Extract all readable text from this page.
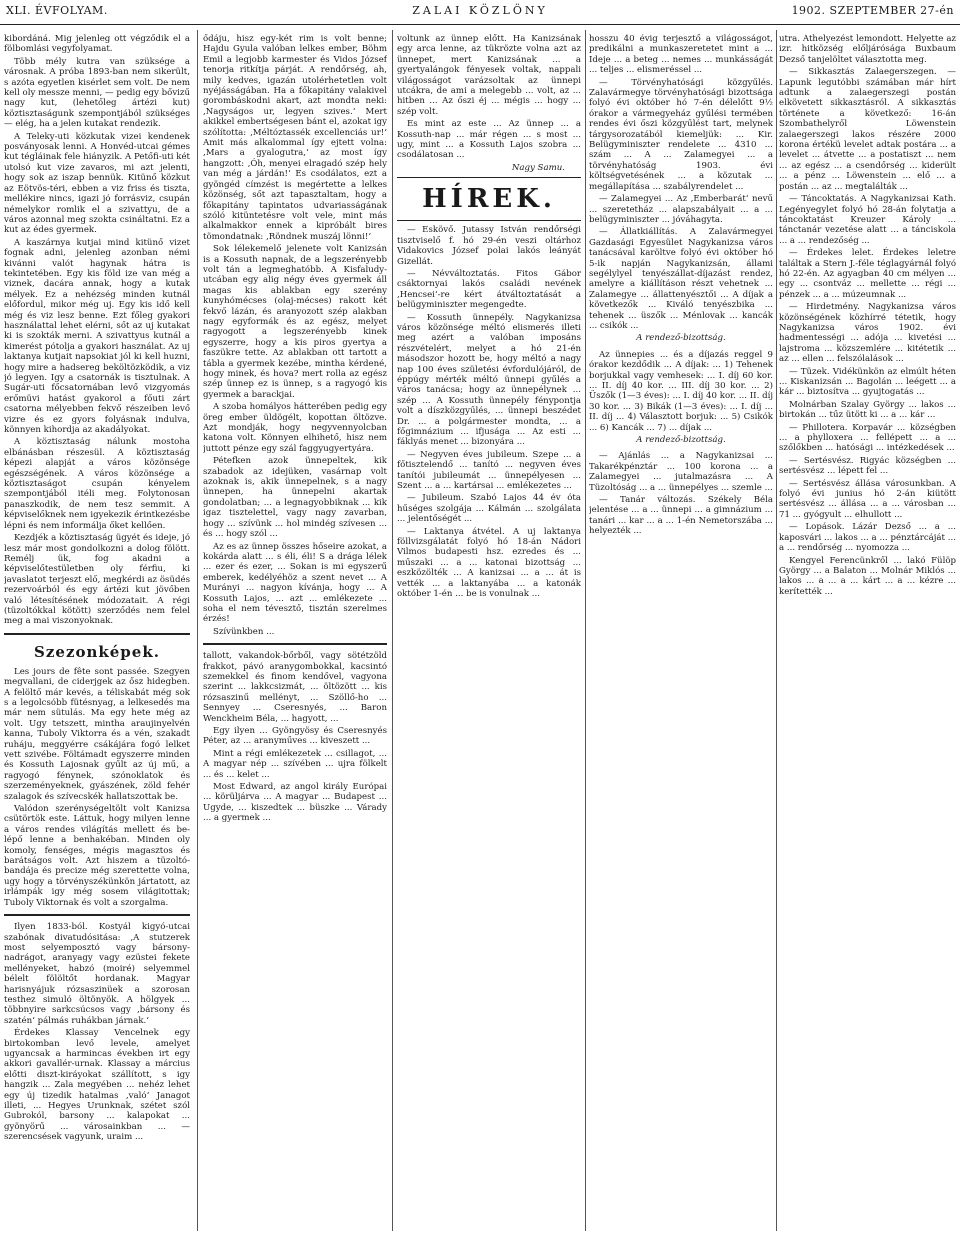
XLI. ÉVFOLYAM.	ZALAI KÖZLÖNY	1902. SZEPTEMBER 27-én

kibordáná. Mig jelenleg ott végződik el a fölbomlási vegyfolyamat.

Több mély kutra van szüksége a városnak. A próba 1893-ban nem sikerült, s azóta egyetlen kisérlet sem volt. De nem kell oly messze menni, — pedig egy bővizű nagy kut, (lehetőleg ártézi kut) köztisztaságunk szempontjából szükséges — elég, ha a jelen kutakat rendezik.

A Teleky-uti közkutak vizei kendenek posványosak lenni. A Honvéd-utcai gémes kut tégláinak fele hiányzik. A Petőfi-uti két utolsó kut vize zavaros, mi azt jelenti, hogy sok az iszap bennük. Kitünő közkut az Eötvös-téri, ebben a viz friss és tiszta, mellékire nincs, igazi jó forrásviz, csupán némelykor romlik el a szivattyu, de a város azonnal meg szokta csináltatni. Ez a kut az édes gyermek.

A kaszárnya kutjai mind kitünő vizet fognak adni, jelenleg azonban némi kivánni valót hagynak hátra is tekintetében. Egy kis föld ize van még a viznek, dacára annak, hogy a kutak mélyek. Ez a nehézség minden kutnál előfordul, mikor még uj. Egy kis idő kell még és viz lesz benne. Ezt főleg gyakori használattal lehet elérni, sőt az uj kutakat ki is szokták merni. A szivattyus kutnál a kimerést pótolja a gyakori használat. Az uj laktanya kutjait napsokiat jól ki kell huzni, hogy mire a hadsereg beköltözködik, a viz jó legyen. Igy a csatornák is tisztulnak. A Sugár-uti főcsatornában levő vizgyomás erőmüvi hatást gyakorol a főuti zárt csatorna mélyebben fekvő részeiben levő vizre és ez gyors folyásnak indulva, könnyen kihordja az akadályokat.

A köztisztaság nálunk mostoha elbánásban részesül. A köztisztaság képezi alapját a város közönsége egészségének. A város közönsége a köztisztaságot csupán kényelem szempontjából itéli meg. Folytonosan panaszkodik, de nem tesz semmit. A képviselőknek nem igyekezik érintkezésbe lépni és nem informálja őket kellően.

Kezdjék a köztisztaság ügyét és ideje, jó lesz már most gondolkozni a dolog fölött. Remélj ük, fog akadni a képviselőtestületben oly férfiu, ki javaslatot terjeszt elő, megkérdi az ösüdés rezervoárból és egy ártézi kut jövőben való létesítésének módozatait. A régi (tüzoltókkal kötött) szerződés nem felel meg a mai viszonyoknak.

Szezonképek.

Les jours de fête sont passée. Szegyen megvallani, de ciderjgek az ősz hidegben. A felöltő már kevés, a téliskabát még sok s a legolcsóbb fütésnyag, a lelkesedés ma már nem sütulás. Ma egy hete még az volt. Ugy tetszett, mintha araujinyelvén kanna, Tuboly Viktorra és a vén, szakadt ruháju, meggyérre csákájára fogó lelket vett szivébe. Föltámadt egyszerre minden és Kossuth Lajosnak gyűlt az új mű, a ragyogó fénynek, szónoklatok és szerzeményeknek, gyászének, zöld fehér szalagok és szívecskék hallatszottak be.

Valódon szerénységeltölt volt Kanizsa csütörtök este. Láttuk, hogy milyen lenne a város rendes világítás mellett és be- lépő lenne a benhakéban. Minden oly komoly, fenséges, mégis magasztos és barátságos volt. Azt hiszem a tüzoltó- bandája és precize még szerettette volna, ugy hogy a törvényszékünkön jártatott, az irlámpák igy még sosem világitottak; Tuboly Viktornak és volt a szorgalma.

Ilyen 1833-ból. Kostyál kigyó-utcai szabónak divatudósitása: ‚A stutzerek most selyemposztó vagy bársony-nadrágot, aranyagy vagy ezüstei fekete mellényeket, habzó (moiré) selyemmel bélelt fölöltőt hordanak. Magyar harisnyájuk rózsaszinüek a szorosan testhez simuló öltönyök. A hölgyek ... többnyire sarkcsúcsos vagy ‚bársony és szatén‘ pálmás ruhákban járnak.‘

Érdekes Klassay Vencelnek egy birtokomban levő levele, amelyet ugyancsak a harmincas években irt egy akkori gavallér-urnak. Klassay a március előtti diszt-kiráyokat szállított, s igy hangzik ... Zala megyében ... nehéz lehet egy új tizedik hatalmas ‚való‘ Janagot illeti, ... Hegyes Urunknak, szétet szól Gubrokól, barsony ... kalapokat ... gyönyörű ... városainkban ... — szerencsések vagyunk, uraim ...

ődáju, hisz egy-két rim is volt benne; Hajdu Gyula valóban lelkes ember, Böhm Emil a legjobb karmester és Vidos József tenorja ritkítja párját. A rendőrség, ah, mily kedves, igazán utolérhetetlen volt nyéjásságában. Ha a főkapitány valakivel gorombáskodni akart, azt mondta neki: ‚Nagyságos ur, legyen szives.‘ Mert akikkel embertségesen bánt el, azokat igy szólította: ‚Méltóztassék excellenciás ur!‘ Amit más alkalommal így ejtett volna: ‚Mars a gyalogutra,‘ az most így hangzott: ‚Óh, menyei elragadó szép hely van még a járdán!‘ Es csodálatos, ezt a gyöngéd címzést is megértette a lelkes közönség, sőt azt tapasztaltam, hogy a főkapitány tapintatos udvariasságának szóló kitüntetésre volt vele, mint más alkalmakkor ennek a kipróbált bires tömondatnak: ‚Röndnek muszáj lönni!‘

Sok lélekemelő jelenete volt Kanizsán is a Kossuth napnak, de a legszerényebb volt tán a legmeghatóbb. A Kisfaludy-utcában egy alig négy éves gyermek áll magas kis ablakban egy szerény kunyhómécses (olaj-mécses) rakott két fekvő lázán, és aranyozott szép alakban nagy egyformák és az egész, melyet ragyogott a legszerényebb kinek egyszerre, hogy a kis piros gyertya a faszükre tette. Az ablakban ott tartott a tábla a gyermek kezébe, mintha kérdené, hogy minek, és hova? mert rolla az egész szép ünnep ez is ünnep, s a ragyogó kis gyermek a barackjai.

A szoba homályos hátterében pedig egy öreg ember üldögélt, kopottan öltözve. Azt mondják, hogy negyvennyolcban katona volt. Könnyen elhihető, hisz nem juttott pénze egy szál faggyugyertyára.

Pétefken azok ünnepeltek, kik szabadok az idejüken, vasárnap volt azoknak is, akik ünnepelnek, s a nagy ünnepen, ha ünnepelni akartak gondolatban; ... a legnagyobbiknak ... kik igaz tisztelettel, vagy nagy zavarban, hogy ... szívünk ... hol mindég szívesen ... és ... hogy szól ...

Az es az ünnep összes hőseire azokat, a kokárda alatt ... s éli, éli! S a drága lélek ... ezer és ezer, ... Sokan is mi egyszerű emberek, kedélyéhöz a szent nevet ... A Murányi ... nagyon kívánja, hogy ... A Kossuth Lajos, ... azt ... emlékezete ... soha el nem tévesztő, tisztán szerelmes érzés!

Szívünkben ...

tallott, vakandok-bőrből, vagy sötétzöld frakkot, pávó aranygombokkal, kacsintó szemekkel és finom kendővel, vagyona szerint ... lakkcsizmát, ... öltözött ... kis rózsaszinű mellényt, ... Szöllő-ho ... Sennyey ... Cseresnyés, ... Baron Wenckheim Béla, ... hagyott, ...

Egy ilyen ... Gyöngyösy és Cseresnyés Péter, az ... aranyműves ... kiveszett ...

Mint a régi emlékezetek ... csillagot, ... A magyar nép ... szívében ... ujra fölkelt ... és ... kelet ...

Most Edward, az angol király Európai ... körüljárva ... A magyar ... Budapest ... Ugyde, ... kiszedtek ... büszke ... Várady ... a gyermek ...

voltunk az ünnep előtt. Ha Kanizsának egy arca lenne, az tükrözte volna azt az ünnepet, mert Kanizsának ... a gyertyalángok fényesek voltak, nappali világosságot varázsoltak az ünnepi utcákra, de ami a melegebb ... volt, az ... hitben ... Az őszi éj ... mégis ... hogy ... szép volt.

Es mint az este ... Az ünnep ... a Kossuth-nap ... már régen ... s most ... ugy, mint ... a Kossuth Lajos szobra ... csodálatosan ...

Nagy Samu.
HÍREK.

— Eskövő. Jutassy István rendőrségi tisztviselő f. hó 29-én veszi oltárhoz Vidakovics József polai lakós leányát Gizellát.

— Névváltoztatás. Fitos Gábor csáktornyai lakós családi nevének ‚Hencsei‘-re kért átváltoztatását a belügyminiszter megengedte.

— Kossuth ünnepély. Nagykanizsa város közönsége méltó elismerés illeti meg azért a valóban imposáns részvételért, melyet a hó 21-én másodszor hozott be, hogy méltó a nagy nap 100 éves születési évfordulójáról, de éppúgy mérték méltó ünnepi gyűlés a város tanácsa; hogy az ünnepélynek ... szép ... A Kossuth ünnepély fénypontja volt a díszközgyűlés, ... ünnepi beszédet Dr. ... a polgármester mondta, ... a főgimnázium ... ifjusága ... Az esti ... fáklyás menet ... bizonyára ...

— Negyven éves jubileum. Szepe ... a főtisztelendő ... tanító ... negyven éves tanítói jubileumát ... ünnepélyesen ... Szent ... a ... kartársai ... emlékezetes ...

— Jubileum. Szabó Lajos 44 év óta hűséges szolgája ... Kálmán ... szolgálata ... jelentőségét ...

— Laktanya átvétel. A uj laktanya föllvizsgálatát folyó hó 18-án Nádori Vilmos budapesti hsz. ezredes és ... műszaki ... a ... katonai bizottság ... eszközölték ... A kanizsai ... a ... át is vették ... a laktanyába ... a katonák október 1-én ... be is vonulnak ...

hosszu 40 évig terjesztő a világosságot, predikálni a munkaszeretetet mint a ... Ideje ... a beteg ... nemes ... munkásságát ... teljes ... elismeréssel ...

— Törvényhatósági közgyűlés. Zalavármegye törvényhatósági bizottsága folyó évi október hó 7-én délelőtt 9½ órakor a vármegyeház gyűlési termében rendes évi őszi közgyűlést tart, melynek tárgysorozatából kiemeljük: ... Kir. Belügyminiszter rendelete ... 4310 ... szám ... A ... Zalamegyei ... a törvényhatóság 1903. évi költségvetésének ... a közutak ... megállapítása ... szabályrendelet ...

— Zalamegyei ... Az ‚Emberbarát‘ nevű ... szeretetház ... alapszabályait ... a ... belügyminiszter ... jóváhagyta.

— Állatkiállítás. A Zalavármegyei Gazdasági Egyesület Nagykanizsa város tanácsával karöltve folyó évi október hó 5-ik napján Nagykanizsán, állami segélylyel tenyészállat-díjazást rendez, amelyre a kiállításon részt vehetnek ... Zalamegye ... állattenyésztői ... A díjak a következők ... Kiváló tenyészbika ... tehenek ... üszők ... Ménlovak ... kancák ... csikók ...

A rendező-bizottság.

Az ünnepies ... és a díjazás reggel 9 órakor kezdődik ... A díjak: ... 1) Tehenek borjukkal vagy vemhesek: ... I. díj 60 kor. ... II. díj 40 kor. ... III. díj 30 kor. ... 2) Üszők (1—3 éves): ... I. díj 40 kor. ... II. díj 30 kor. ... 3) Bikák (1—3 éves): ... I. díj ... II. díj ... 4) Választott borjuk: ... 5) Csikók ... 6) Kancák ... 7) ... díjak ...

A rendező-bizottság.

— Ajánlás ... a Nagykanizsai ... Takarékpénztár ... 100 korona ... a Zalamegyei ... jutalmazásra ... A Tüzoltóság ... a ... ünnepélyes ... szemle ...

— Tanár változás. Székely Béla jelentése ... a ... ünnepi ... a gimnázium ... tanári ... kar ... a ... 1-én Nemetorszába ... helyezték ...

utra. Áthelyezést lemondott. Helyette az izr. hitközség előljárósága Buxbaum Dezső tanjelöltet választotta meg.

— Sikkasztás Zalaegerszegen. — Lapunk legutóbbi számában már hírt adtunk a zalaegerszegi postán elkövetett sikkasztásról. A sikkasztás története a következő: 16-án Szombathelyről Löwenstein zalaegerszegi lakos részére 2000 korona értékü levelet adtak postára ... a levelet ... átvette ... a postatiszt ... nem ... az egész ... a csendőrség ... kiderült ... a pénz ... Löwenstein ... elő ... a postán ... az ... megtalálták ...

— Táncoktatás. A Nagykanizsai Kath. Legényegylet folyó hó 28-án folytatja a táncoktatást Kreuzer Károly ... tánctanár vezetése alatt ... a tánciskola ... a ... rendezőség ...

— Érdekes lelet. Érdekes leletre találtak a Stern J.-féle téglagyárnál folyó hó 22-én. Az agyagban 40 cm mélyen ... egy ... csontváz ... mellette ... régi ... pénzek ... a ... múzeumnak ...

— Hirdetmény. Nagykanizsa város közönségének közhírré tétetik, hogy Nagykanizsa város 1902. évi hadmentességi ... adója ... kivetési ... lajstroma ... közszemlére ... kitétetik ... az ... ellen ... felszólalások ...

— Tüzek. Vidékünkön az elmúlt héten ... Kiskanizsán ... Bagolán ... leégett ... a kár ... biztosítva ... gyujtogatás ...

Molnárban Szalay György ... lakos ... birtokán ... tűz ütött ki ... a ... kár ...

— Phillotera. Korpavár ... községben ... a phylloxera ... fellépett ... a ... szőlőkben ... hatósági ... intézkedések ...

— Sertésvész. Rigyác községben ... sertésvész ... lépett fel ...

— Sertésvész állása városunkban. A folyó évi junius hó 2-án kiütött sertésvész ... állása ... a ... városban ... 71 ... gyógyult ... elhullott ...

— Lopások. Lázár Dezső ... a ... kaposvári ... lakos ... a ... pénztárcáját ... a ... rendőrség ... nyomozza ...

Kengyel Ferencünkről ... lakó Fülöp György ... a Balaton ... Molnár Miklós ... lakos ... a ... a ... kárt ... a ... kézre ... kerítették ...
